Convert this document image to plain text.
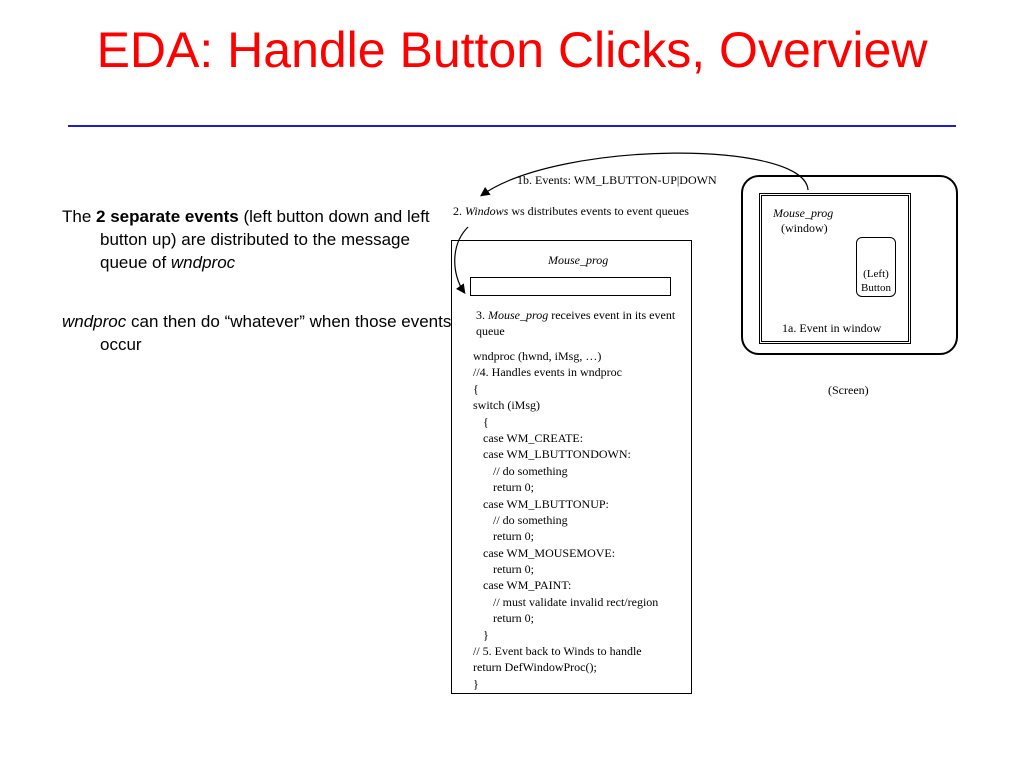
EDA: Handle Button Clicks, Overview

The 2 separate events (left button down and left button up) are distributed to the message queue of wndproc

wndproc can then do “whatever” when those events occur

1b. Events: WM_LBUTTON-UP|DOWN
2. Windows ws distributes events to event queues
Mouse_prog
3. Mouse_prog receives event in its event queue
wndproc (hwnd, iMsg, …)
//4. Handles events in wndproc
{
switch (iMsg)
{
case WM_CREATE:
case WM_LBUTTONDOWN:
// do something
return 0;
case WM_LBUTTONUP:
// do something
return 0;
case WM_MOUSEMOVE:
return 0;
case WM_PAINT:
// must validate invalid rect/region
return 0;
}
// 5. Event back to Winds to handle
return DefWindowProc();
}
Mouse_prog
(window)
(Left)
Button
1a. Event in window
(Screen)
